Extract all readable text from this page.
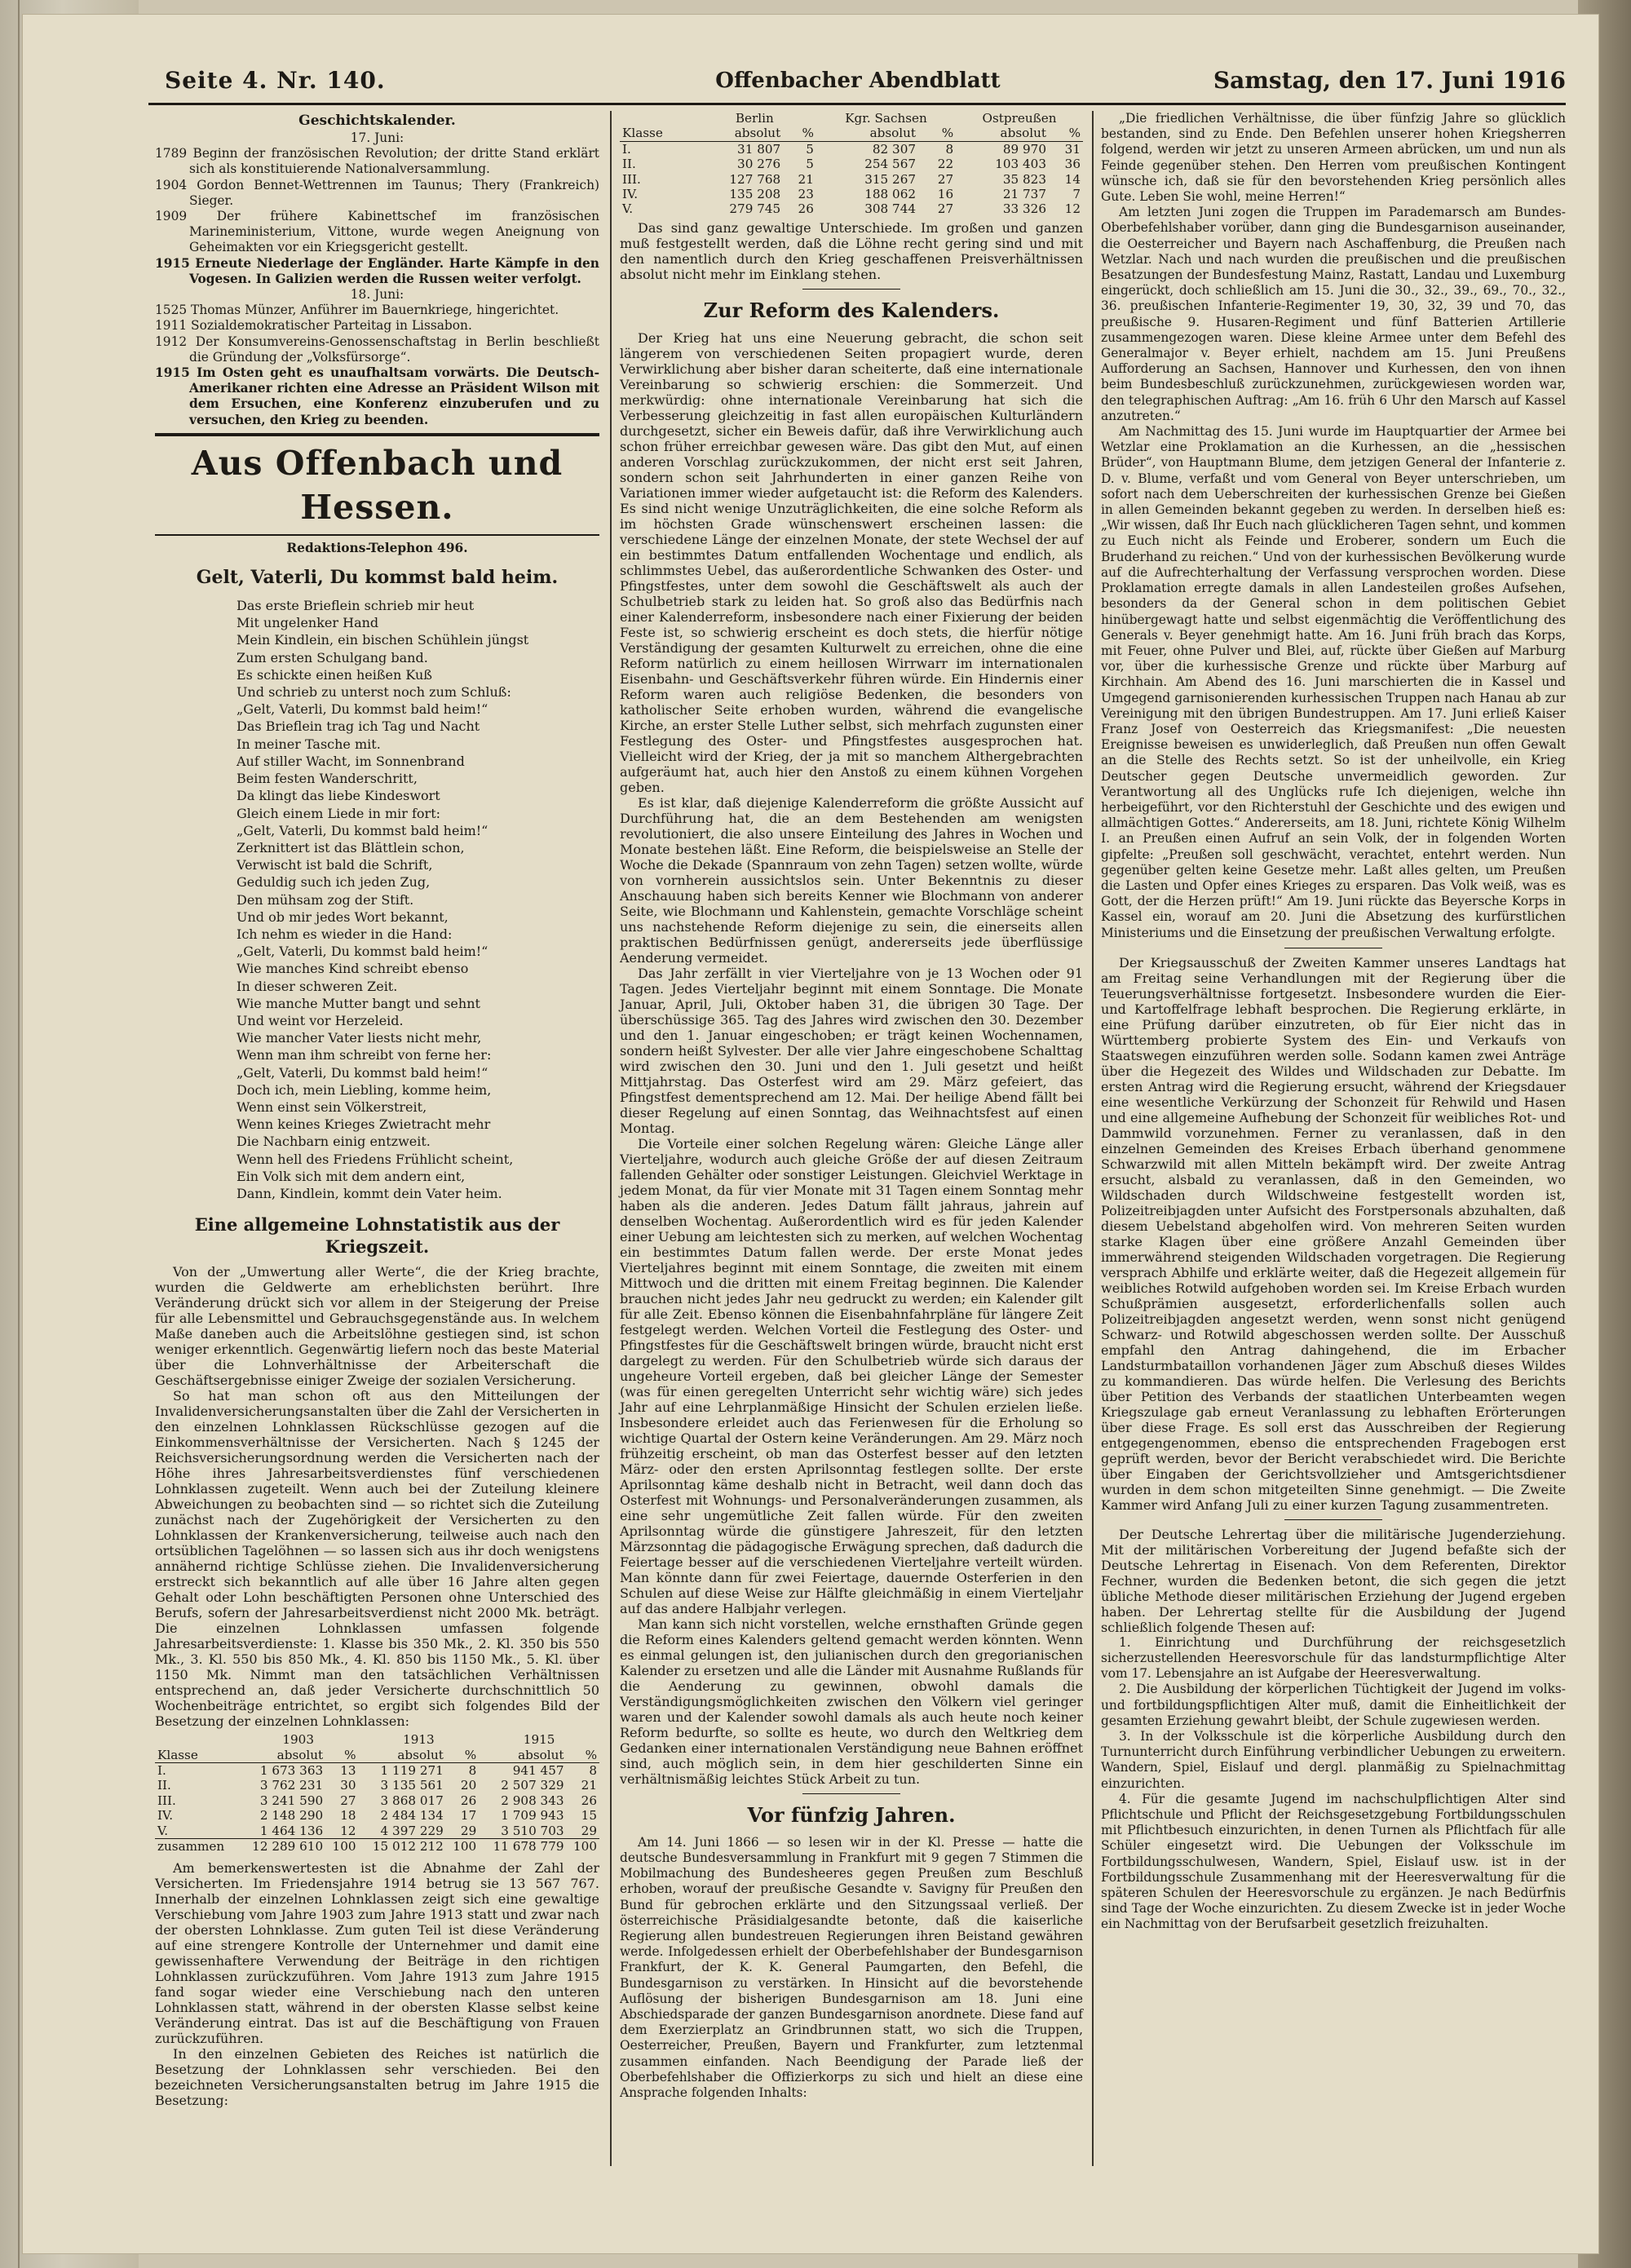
Seite 4. Nr. 140.	Offenbacher Abendblatt	Samstag, den 17. Juni 1916
Geschichtskalender.
17. Juni:

1789 Beginn der französischen Revolution; der dritte Stand erklärt sich als konstituierende Nationalversammlung.

1904 Gordon Bennet-Wettrennen im Taunus; Thery (Frankreich) Sieger.

1909 Der frühere Kabinettschef im französischen Marineministerium, Vittone, wurde wegen Aneignung von Geheimakten vor ein Kriegsgericht gestellt.

1915 Erneute Niederlage der Engländer. Harte Kämpfe in den Vogesen. In Galizien werden die Russen weiter verfolgt.

18. Juni:

1525 Thomas Münzer, Anführer im Bauernkriege, hingerichtet.

1911 Sozialdemokratischer Parteitag in Lissabon.

1912 Der Konsumvereins-Genossenschaftstag in Berlin beschließt die Gründung der „Volksfürsorge“.

1915 Im Osten geht es unaufhaltsam vorwärts. Die Deutsch-Amerikaner richten eine Adresse an Präsident Wilson mit dem Ersuchen, eine Konferenz einzuberufen und zu versuchen, den Krieg zu beenden.

Aus Offenbach und Hessen.
Redaktions-Telephon 496.
Gelt, Vaterli, Du kommst bald heim.

Das erste Brieflein schrieb mir heut

Mit ungelenker Hand

Mein Kindlein, ein bischen Schühlein jüngst

Zum ersten Schulgang band.

Es schickte einen heißen Kuß

Und schrieb zu unterst noch zum Schluß:

„Gelt, Vaterli, Du kommst bald heim!“

Das Brieflein trag ich Tag und Nacht

In meiner Tasche mit.

Auf stiller Wacht, im Sonnenbrand

Beim festen Wanderschritt,

Da klingt das liebe Kindeswort

Gleich einem Liede in mir fort:

„Gelt, Vaterli, Du kommst bald heim!“

Zerknittert ist das Blättlein schon,

Verwischt ist bald die Schrift,

Geduldig such ich jeden Zug,

Den mühsam zog der Stift.

Und ob mir jedes Wort bekannt,

Ich nehm es wieder in die Hand:

„Gelt, Vaterli, Du kommst bald heim!“

Wie manches Kind schreibt ebenso

In dieser schweren Zeit.

Wie manche Mutter bangt und sehnt

Und weint vor Herzeleid.

Wie mancher Vater liests nicht mehr,

Wenn man ihm schreibt von ferne her:

„Gelt, Vaterli, Du kommst bald heim!“

Doch ich, mein Liebling, komme heim,

Wenn einst sein Völkerstreit,

Wenn keines Krieges Zwietracht mehr

Die Nachbarn einig entzweit.

Wenn hell des Friedens Frühlicht scheint,

Ein Volk sich mit dem andern eint,

Dann, Kindlein, kommt dein Vater heim.

Eine allgemeine Lohnstatistik aus der Kriegszeit.

Von der „Umwertung aller Werte“, die der Krieg brachte, wurden die Geldwerte am erheblichsten berührt. Ihre Veränderung drückt sich vor allem in der Steigerung der Preise für alle Lebensmittel und Gebrauchsgegenstände aus. In welchem Maße daneben auch die Arbeitslöhne gestiegen sind, ist schon weniger erkenntlich. Gegenwärtig liefern noch das beste Material über die Lohnverhältnisse der Arbeiterschaft die Geschäftsergebnisse einiger Zweige der sozialen Versicherung.

So hat man schon oft aus den Mitteilungen der Invalidenversicherungsanstalten über die Zahl der Versicherten in den einzelnen Lohnklassen Rückschlüsse gezogen auf die Einkommensverhältnisse der Versicherten. Nach § 1245 der Reichsversicherungsordnung werden die Versicherten nach der Höhe ihres Jahresarbeitsverdienstes fünf verschiedenen Lohnklassen zugeteilt. Wenn auch bei der Zuteilung kleinere Abweichungen zu beobachten sind — so richtet sich die Zuteilung zunächst nach der Zugehörigkeit der Versicherten zu den Lohnklassen der Krankenversicherung, teilweise auch nach den ortsüblichen Tagelöhnen — so lassen sich aus ihr doch wenigstens annähernd richtige Schlüsse ziehen. Die Invalidenversicherung erstreckt sich bekanntlich auf alle über 16 Jahre alten gegen Gehalt oder Lohn beschäftigten Personen ohne Unterschied des Berufs, sofern der Jahresarbeitsverdienst nicht 2000 Mk. beträgt. Die einzelnen Lohnklassen umfassen folgende Jahresarbeitsverdienste: 1. Klasse bis 350 Mk., 2. Kl. 350 bis 550 Mk., 3. Kl. 550 bis 850 Mk., 4. Kl. 850 bis 1150 Mk., 5. Kl. über 1150 Mk. Nimmt man den tatsächlichen Verhältnissen entsprechend an, daß jeder Versicherte durchschnittlich 50 Wochenbeiträge entrichtet, so ergibt sich folgendes Bild der Besetzung der einzelnen Lohnklassen:

	1903		1913		1915	
Klasse	absolut	%	absolut	%	absolut	%
I.	1 673 363	13	1 119 271	8	941 457	8
II.	3 762 231	30	3 135 561	20	2 507 329	21
III.	3 241 590	27	3 868 017	26	2 908 343	26
IV.	2 148 290	18	2 484 134	17	1 709 943	15
V.	1 464 136	12	4 397 229	29	3 510 703	29
zusammen	12 289 610	100	15 012 212	100	11 678 779	100

Am bemerkenswertesten ist die Abnahme der Zahl der Versicherten. Im Friedensjahre 1914 betrug sie 13 567 767. Innerhalb der einzelnen Lohnklassen zeigt sich eine gewaltige Verschiebung vom Jahre 1903 zum Jahre 1913 statt und zwar nach der obersten Lohnklasse. Zum guten Teil ist diese Veränderung auf eine strengere Kontrolle der Unternehmer und damit eine gewissenhaftere Verwendung der Beiträge in den richtigen Lohnklassen zurückzuführen. Vom Jahre 1913 zum Jahre 1915 fand sogar wieder eine Verschiebung nach den unteren Lohnklassen statt, während in der obersten Klasse selbst keine Veränderung eintrat. Das ist auf die Beschäftigung von Frauen zurückzuführen.

In den einzelnen Gebieten des Reiches ist natürlich die Besetzung der Lohnklassen sehr verschieden. Bei den bezeichneten Versicherungsanstalten betrug im Jahre 1915 die Besetzung:

	Berlin		Kgr. Sachsen		Ostpreußen	
Klasse	absolut	%	absolut	%	absolut	%
I.	31 807	5	82 307	8	89 970	31
II.	30 276	5	254 567	22	103 403	36
III.	127 768	21	315 267	27	35 823	14
IV.	135 208	23	188 062	16	21 737	7
V.	279 745	26	308 744	27	33 326	12

Das sind ganz gewaltige Unterschiede. Im großen und ganzen muß festgestellt werden, daß die Löhne recht gering sind und mit den namentlich durch den Krieg geschaffenen Preisverhältnissen absolut nicht mehr im Einklang stehen.

Zur Reform des Kalenders.

Der Krieg hat uns eine Neuerung gebracht, die schon seit längerem von verschiedenen Seiten propagiert wurde, deren Verwirklichung aber bisher daran scheiterte, daß eine internationale Vereinbarung so schwierig erschien: die Sommerzeit. Und merkwürdig: ohne internationale Vereinbarung hat sich die Verbesserung gleichzeitig in fast allen europäischen Kulturländern durchgesetzt, sicher ein Beweis dafür, daß ihre Verwirklichung auch schon früher erreichbar gewesen wäre. Das gibt den Mut, auf einen anderen Vorschlag zurückzukommen, der nicht erst seit Jahren, sondern schon seit Jahrhunderten in einer ganzen Reihe von Variationen immer wieder aufgetaucht ist: die Reform des Kalenders. Es sind nicht wenige Unzuträglichkeiten, die eine solche Reform als im höchsten Grade wünschenswert erscheinen lassen: die verschiedene Länge der einzelnen Monate, der stete Wechsel der auf ein bestimmtes Datum entfallenden Wochentage und endlich, als schlimmstes Uebel, das außerordentliche Schwanken des Oster- und Pfingstfestes, unter dem sowohl die Geschäftswelt als auch der Schulbetrieb stark zu leiden hat. So groß also das Bedürfnis nach einer Kalenderreform, insbesondere nach einer Fixierung der beiden Feste ist, so schwierig erscheint es doch stets, die hierfür nötige Verständigung der gesamten Kulturwelt zu erreichen, ohne die eine Reform natürlich zu einem heillosen Wirrwarr im internationalen Eisenbahn- und Geschäftsverkehr führen würde. Ein Hindernis einer Reform waren auch religiöse Bedenken, die besonders von katholischer Seite erhoben wurden, während die evangelische Kirche, an erster Stelle Luther selbst, sich mehrfach zugunsten einer Festlegung des Oster- und Pfingstfestes ausgesprochen hat. Vielleicht wird der Krieg, der ja mit so manchem Althergebrachten aufgeräumt hat, auch hier den Anstoß zu einem kühnen Vorgehen geben.

Es ist klar, daß diejenige Kalenderreform die größte Aussicht auf Durchführung hat, die an dem Bestehenden am wenigsten revolutioniert, die also unsere Einteilung des Jahres in Wochen und Monate bestehen läßt. Eine Reform, die beispielsweise an Stelle der Woche die Dekade (Spannraum von zehn Tagen) setzen wollte, würde von vornherein aussichtslos sein. Unter Bekenntnis zu dieser Anschauung haben sich bereits Kenner wie Blochmann von anderer Seite, wie Blochmann und Kahlenstein, gemachte Vorschläge scheint uns nachstehende Reform diejenige zu sein, die einerseits allen praktischen Bedürfnissen genügt, andererseits jede überflüssige Aenderung vermeidet.

Das Jahr zerfällt in vier Vierteljahre von je 13 Wochen oder 91 Tagen. Jedes Vierteljahr beginnt mit einem Sonntage. Die Monate Januar, April, Juli, Oktober haben 31, die übrigen 30 Tage. Der überschüssige 365. Tag des Jahres wird zwischen den 30. Dezember und den 1. Januar eingeschoben; er trägt keinen Wochennamen, sondern heißt Sylvester. Der alle vier Jahre eingeschobene Schalttag wird zwischen den 30. Juni und den 1. Juli gesetzt und heißt Mittjahrstag. Das Osterfest wird am 29. März gefeiert, das Pfingstfest dementsprechend am 12. Mai. Der heilige Abend fällt bei dieser Regelung auf einen Sonntag, das Weihnachtsfest auf einen Montag.

Die Vorteile einer solchen Regelung wären: Gleiche Länge aller Vierteljahre, wodurch auch gleiche Größe der auf diesen Zeitraum fallenden Gehälter oder sonstiger Leistungen. Gleichviel Werktage in jedem Monat, da für vier Monate mit 31 Tagen einem Sonntag mehr haben als die anderen. Jedes Datum fällt jahraus, jahrein auf denselben Wochentag. Außerordentlich wird es für jeden Kalender einer Uebung am leichtesten sich zu merken, auf welchen Wochentag ein bestimmtes Datum fallen werde. Der erste Monat jedes Vierteljahres beginnt mit einem Sonntage, die zweiten mit einem Mittwoch und die dritten mit einem Freitag beginnen. Die Kalender brauchen nicht jedes Jahr neu gedruckt zu werden; ein Kalender gilt für alle Zeit. Ebenso können die Eisenbahnfahrpläne für längere Zeit festgelegt werden. Welchen Vorteil die Festlegung des Oster- und Pfingstfestes für die Geschäftswelt bringen würde, braucht nicht erst dargelegt zu werden. Für den Schulbetrieb würde sich daraus der ungeheure Vorteil ergeben, daß bei gleicher Länge der Semester (was für einen geregelten Unterricht sehr wichtig wäre) sich jedes Jahr auf eine Lehrplanmäßige Hinsicht der Schulen erzielen ließe. Insbesondere erleidet auch das Ferienwesen für die Erholung so wichtige Quartal der Ostern keine Veränderungen. Am 29. März noch frühzeitig erscheint, ob man das Osterfest besser auf den letzten März- oder den ersten Aprilsonntag festlegen sollte. Der erste Aprilsonntag käme deshalb nicht in Betracht, weil dann doch das Osterfest mit Wohnungs- und Personalveränderungen zusammen, als eine sehr ungemütliche Zeit fallen würde. Für den zweiten Aprilsonntag würde die günstigere Jahreszeit, für den letzten Märzsonntag die pädagogische Erwägung sprechen, daß dadurch die Feiertage besser auf die verschiedenen Vierteljahre verteilt würden. Man könnte dann für zwei Feiertage, dauernde Osterferien in den Schulen auf diese Weise zur Hälfte gleichmäßig in einem Vierteljahr auf das andere Halbjahr verlegen.

Man kann sich nicht vorstellen, welche ernsthaften Gründe gegen die Reform eines Kalenders geltend gemacht werden könnten. Wenn es einmal gelungen ist, den julianischen durch den gregorianischen Kalender zu ersetzen und alle die Länder mit Ausnahme Rußlands für die Aenderung zu gewinnen, obwohl damals die Verständigungsmöglichkeiten zwischen den Völkern viel geringer waren und der Kalender sowohl damals als auch heute noch keiner Reform bedurfte, so sollte es heute, wo durch den Weltkrieg dem Gedanken einer internationalen Verständigung neue Bahnen eröffnet sind, auch möglich sein, in dem hier geschilderten Sinne ein verhältnismäßig leichtes Stück Arbeit zu tun.

Vor fünfzig Jahren.

Am 14. Juni 1866 — so lesen wir in der Kl. Presse — hatte die deutsche Bundesversammlung in Frankfurt mit 9 gegen 7 Stimmen die Mobilmachung des Bundesheeres gegen Preußen zum Beschluß erhoben, worauf der preußische Gesandte v. Savigny für Preußen den Bund für gebrochen erklärte und den Sitzungssaal verließ. Der österreichische Präsidialgesandte betonte, daß die kaiserliche Regierung allen bundestreuen Regierungen ihren Beistand gewähren werde. Infolgedessen erhielt der Oberbefehlshaber der Bundesgarnison Frankfurt, der K. K. General Paumgarten, den Befehl, die Bundesgarnison zu verstärken. In Hinsicht auf die bevorstehende Auflösung der bisherigen Bundesgarnison am 18. Juni eine Abschiedsparade der ganzen Bundesgarnison anordnete. Diese fand auf dem Exerzierplatz an Grindbrunnen statt, wo sich die Truppen, Oesterreicher, Preußen, Bayern und Frankfurter, zum letztenmal zusammen einfanden. Nach Beendigung der Parade ließ der Oberbefehlshaber die Offizierkorps zu sich und hielt an diese eine Ansprache folgenden Inhalts:

„Die friedlichen Verhältnisse, die über fünfzig Jahre so glücklich bestanden, sind zu Ende. Den Befehlen unserer hohen Kriegsherren folgend, werden wir jetzt zu unseren Armeen abrücken, um und nun als Feinde gegenüber stehen. Den Herren vom preußischen Kontingent wünsche ich, daß sie für den bevorstehenden Krieg persönlich alles Gute. Leben Sie wohl, meine Herren!“

Am letzten Juni zogen die Truppen im Parademarsch am Bundes-Oberbefehlshaber vorüber, dann ging die Bundesgarnison auseinander, die Oesterreicher und Bayern nach Aschaffenburg, die Preußen nach Wetzlar. Nach und nach wurden die preußischen und die preußischen Besatzungen der Bundesfestung Mainz, Rastatt, Landau und Luxemburg eingerückt, doch schließlich am 15. Juni die 30., 32., 39., 69., 70., 32., 36. preußischen Infanterie-Regimenter 19, 30, 32, 39 und 70, das preußische 9. Husaren-Regiment und fünf Batterien Artillerie zusammengezogen waren. Diese kleine Armee unter dem Befehl des Generalmajor v. Beyer erhielt, nachdem am 15. Juni Preußens Aufforderung an Sachsen, Hannover und Kurhessen, den von ihnen beim Bundesbeschluß zurückzunehmen, zurückgewiesen worden war, den telegraphischen Auftrag: „Am 16. früh 6 Uhr den Marsch auf Kassel anzutreten.“

Am Nachmittag des 15. Juni wurde im Hauptquartier der Armee bei Wetzlar eine Proklamation an die Kurhessen, an die „hessischen Brüder“, von Hauptmann Blume, dem jetzigen General der Infanterie z. D. v. Blume, verfaßt und vom General von Beyer unterschrieben, um sofort nach dem Ueberschreiten der kurhessischen Grenze bei Gießen in allen Gemeinden bekannt gegeben zu werden. In derselben hieß es: „Wir wissen, daß Ihr Euch nach glücklicheren Tagen sehnt, und kommen zu Euch nicht als Feinde und Eroberer, sondern um Euch die Bruderhand zu reichen.“ Und von der kurhessischen Bevölkerung wurde auf die Aufrechterhaltung der Verfassung versprochen worden. Diese Proklamation erregte damals in allen Landesteilen großes Aufsehen, besonders da der General schon in dem politischen Gebiet hinübergewagt hatte und selbst eigenmächtig die Veröffentlichung des Generals v. Beyer genehmigt hatte. Am 16. Juni früh brach das Korps, mit Feuer, ohne Pulver und Blei, auf, rückte über Gießen auf Marburg vor, über die kurhessische Grenze und rückte über Marburg auf Kirchhain. Am Abend des 16. Juni marschierten die in Kassel und Umgegend garnisonierenden kurhessischen Truppen nach Hanau ab zur Vereinigung mit den übrigen Bundestruppen. Am 17. Juni erließ Kaiser Franz Josef von Oesterreich das Kriegsmanifest: „Die neuesten Ereignisse beweisen es unwiderleglich, daß Preußen nun offen Gewalt an die Stelle des Rechts setzt. So ist der unheilvolle, ein Krieg Deutscher gegen Deutsche unvermeidlich geworden. Zur Verantwortung all des Unglücks rufe Ich diejenigen, welche ihn herbeigeführt, vor den Richterstuhl der Geschichte und des ewigen und allmächtigen Gottes.“ Andererseits, am 18. Juni, richtete König Wilhelm I. an Preußen einen Aufruf an sein Volk, der in folgenden Worten gipfelte: „Preußen soll geschwächt, verachtet, entehrt werden. Nun gegenüber gelten keine Gesetze mehr. Laßt alles gelten, um Preußen die Lasten und Opfer eines Krieges zu ersparen. Das Volk weiß, was es Gott, der die Herzen prüft!“ Am 19. Juni rückte das Beyersche Korps in Kassel ein, worauf am 20. Juni die Absetzung des kurfürstlichen Ministeriums und die Einsetzung der preußischen Verwaltung erfolgte.

Der Kriegsausschuß der Zweiten Kammer unseres Landtags hat am Freitag seine Verhandlungen mit der Regierung über die Teuerungsverhältnisse fortgesetzt. Insbesondere wurden die Eier- und Kartoffelfrage lebhaft besprochen. Die Regierung erklärte, in eine Prüfung darüber einzutreten, ob für Eier nicht das in Württemberg probierte System des Ein- und Verkaufs von Staatswegen einzuführen werden solle. Sodann kamen zwei Anträge über die Hegezeit des Wildes und Wildschaden zur Debatte. Im ersten Antrag wird die Regierung ersucht, während der Kriegsdauer eine wesentliche Verkürzung der Schonzeit für Rehwild und Hasen und eine allgemeine Aufhebung der Schonzeit für weibliches Rot- und Dammwild vorzunehmen. Ferner zu veranlassen, daß in den einzelnen Gemeinden des Kreises Erbach überhand genommene Schwarzwild mit allen Mitteln bekämpft wird. Der zweite Antrag ersucht, alsbald zu veranlassen, daß in den Gemeinden, wo Wildschaden durch Wildschweine festgestellt worden ist, Polizeitreibjagden unter Aufsicht des Forstpersonals abzuhalten, daß diesem Uebelstand abgeholfen wird. Von mehreren Seiten wurden starke Klagen über eine größere Anzahl Gemeinden über immerwährend steigenden Wildschaden vorgetragen. Die Regierung versprach Abhilfe und erklärte weiter, daß die Hegezeit allgemein für weibliches Rotwild aufgehoben worden sei. Im Kreise Erbach wurden Schußprämien ausgesetzt, erforderlichenfalls sollen auch Polizeitreibjagden angesetzt werden, wenn sonst nicht genügend Schwarz- und Rotwild abgeschossen werden sollte. Der Ausschuß empfahl den Antrag dahingehend, die im Erbacher Landsturmbataillon vorhandenen Jäger zum Abschuß dieses Wildes zu kommandieren. Das würde helfen. Die Verlesung des Berichts über Petition des Verbands der staatlichen Unterbeamten wegen Kriegszulage gab erneut Veranlassung zu lebhaften Erörterungen über diese Frage. Es soll erst das Ausschreiben der Regierung entgegengenommen, ebenso die entsprechenden Fragebogen erst geprüft werden, bevor der Bericht verabschiedet wird. Die Berichte über Eingaben der Gerichtsvollzieher und Amtsgerichtsdiener wurden in dem schon mitgeteilten Sinne genehmigt. — Die Zweite Kammer wird Anfang Juli zu einer kurzen Tagung zusammentreten.

Der Deutsche Lehrertag über die militärische Jugenderziehung. Mit der militärischen Vorbereitung der Jugend befaßte sich der Deutsche Lehrertag in Eisenach. Von dem Referenten, Direktor Fechner, wurden die Bedenken betont, die sich gegen die jetzt übliche Methode dieser militärischen Erziehung der Jugend ergeben haben. Der Lehrertag stellte für die Ausbildung der Jugend schließlich folgende Thesen auf:

1. Einrichtung und Durchführung der reichsgesetzlich sicherzustellenden Heeresvorschule für das landsturmpflichtige Alter vom 17. Lebensjahre an ist Aufgabe der Heeresverwaltung.

2. Die Ausbildung der körperlichen Tüchtigkeit der Jugend im volks- und fortbildungspflichtigen Alter muß, damit die Einheitlichkeit der gesamten Erziehung gewahrt bleibt, der Schule zugewiesen werden.

3. In der Volksschule ist die körperliche Ausbildung durch den Turnunterricht durch Einführung verbindlicher Uebungen zu erweitern. Wandern, Spiel, Eislauf und dergl. planmäßig zu Spielnachmittag einzurichten.

4. Für die gesamte Jugend im nachschulpflichtigen Alter sind Pflichtschule und Pflicht der Reichsgesetzgebung Fortbildungsschulen mit Pflichtbesuch einzurichten, in denen Turnen als Pflichtfach für alle Schüler eingesetzt wird. Die Uebungen der Volksschule im Fortbildungsschulwesen, Wandern, Spiel, Eislauf usw. ist in der Fortbildungsschule Zusammenhang mit der Heeresverwaltung für die späteren Schulen der Heeresvorschule zu ergänzen. Je nach Bedürfnis sind Tage der Woche einzurichten. Zu diesem Zwecke ist in jeder Woche ein Nachmittag von der Berufsarbeit gesetzlich freizuhalten.
